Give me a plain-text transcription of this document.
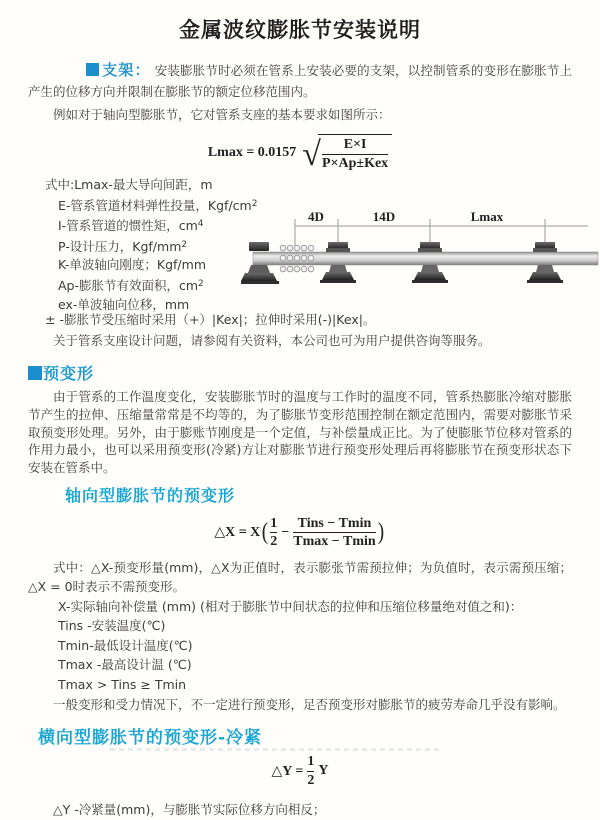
金属波纹膨胀节安装说明

支架： 安装膨胀节时必须在管系上安装必要的支架，以控制管系的变形在膨胀节上产生的位移方向并限制在膨胀节的额定位移范围内。

例如对于轴向型膨胀节，它对管系支座的基本要求如图所示：

Lmax = 0.0157 √ $\frac{E\times I}{\text{P×Ap±Kex}}$
式中:Lmax-最大导向间距，m
E-管系管道材料弹性投量，Kgf/$cm^2$
I-管系管道的惯性矩，$cm^4$
P-设计压力，Kgf/$mm^2$
K-单波轴向刚度；Kgf/mm
Ap-膨胀节有效面积，$cm^2$
ex-单波轴向位移，mm
4D	14D	Lmax

± -膨胀节受压缩时采用（+）|Kex|；拉伸时采用(-)|Kex|。

关于管系支座设计问题，请参阅有关资料，本公司也可为用户提供咨询等服务。

预变形

由于管系的工作温度变化，安装膨胀节时的温度与工作时的温度不同，管系热膨胀冷缩对膨胀节产生的拉伸、压缩量常常是不均等的，为了膨胀节变形范围控制在额定范围内，需要对膨胀节采取预变形处理。另外，由于膨账节刚度是一个定值，与补偿量成正比。为了使膨胀节位移对管系的作用力最小，也可以采用预变形(冷紧)方让对膨胀节进行预变形处理后再将膨胀节在预变形状态下安装在管系中。

轴向型膨胀节的预变形
△X = X ( $\frac{1}{2} - \frac{\text{Tins − Tmin}}{Tmax - Tmin}$ )

式中：△X-预变形量(mm)，△X为正值时，表示膨张节需预拉伸；为负值时，表示需预压缩；△X = 0时表示不需预变形。

X-实际轴向补偿量 (mm) (相对于膨胀节中间状态的拉伸和压缩位移量绝对值之和)：
Tins -安装温度(℃)
Tmin-最低设计温度(℃)
Tmax -最高设计温 (℃)
Tmax > Tins ≥ Tmin

一般变形和受力情况下，不一定进行预变形，足否预变形对膨胀节的疲劳寿命几乎没有影响。

横向型膨胀节的预变形-冷紧
△Y = $\frac{1}{2}$ Y

△Y -冷紧量(mm)，与膨胀节实际位移方向相反；
